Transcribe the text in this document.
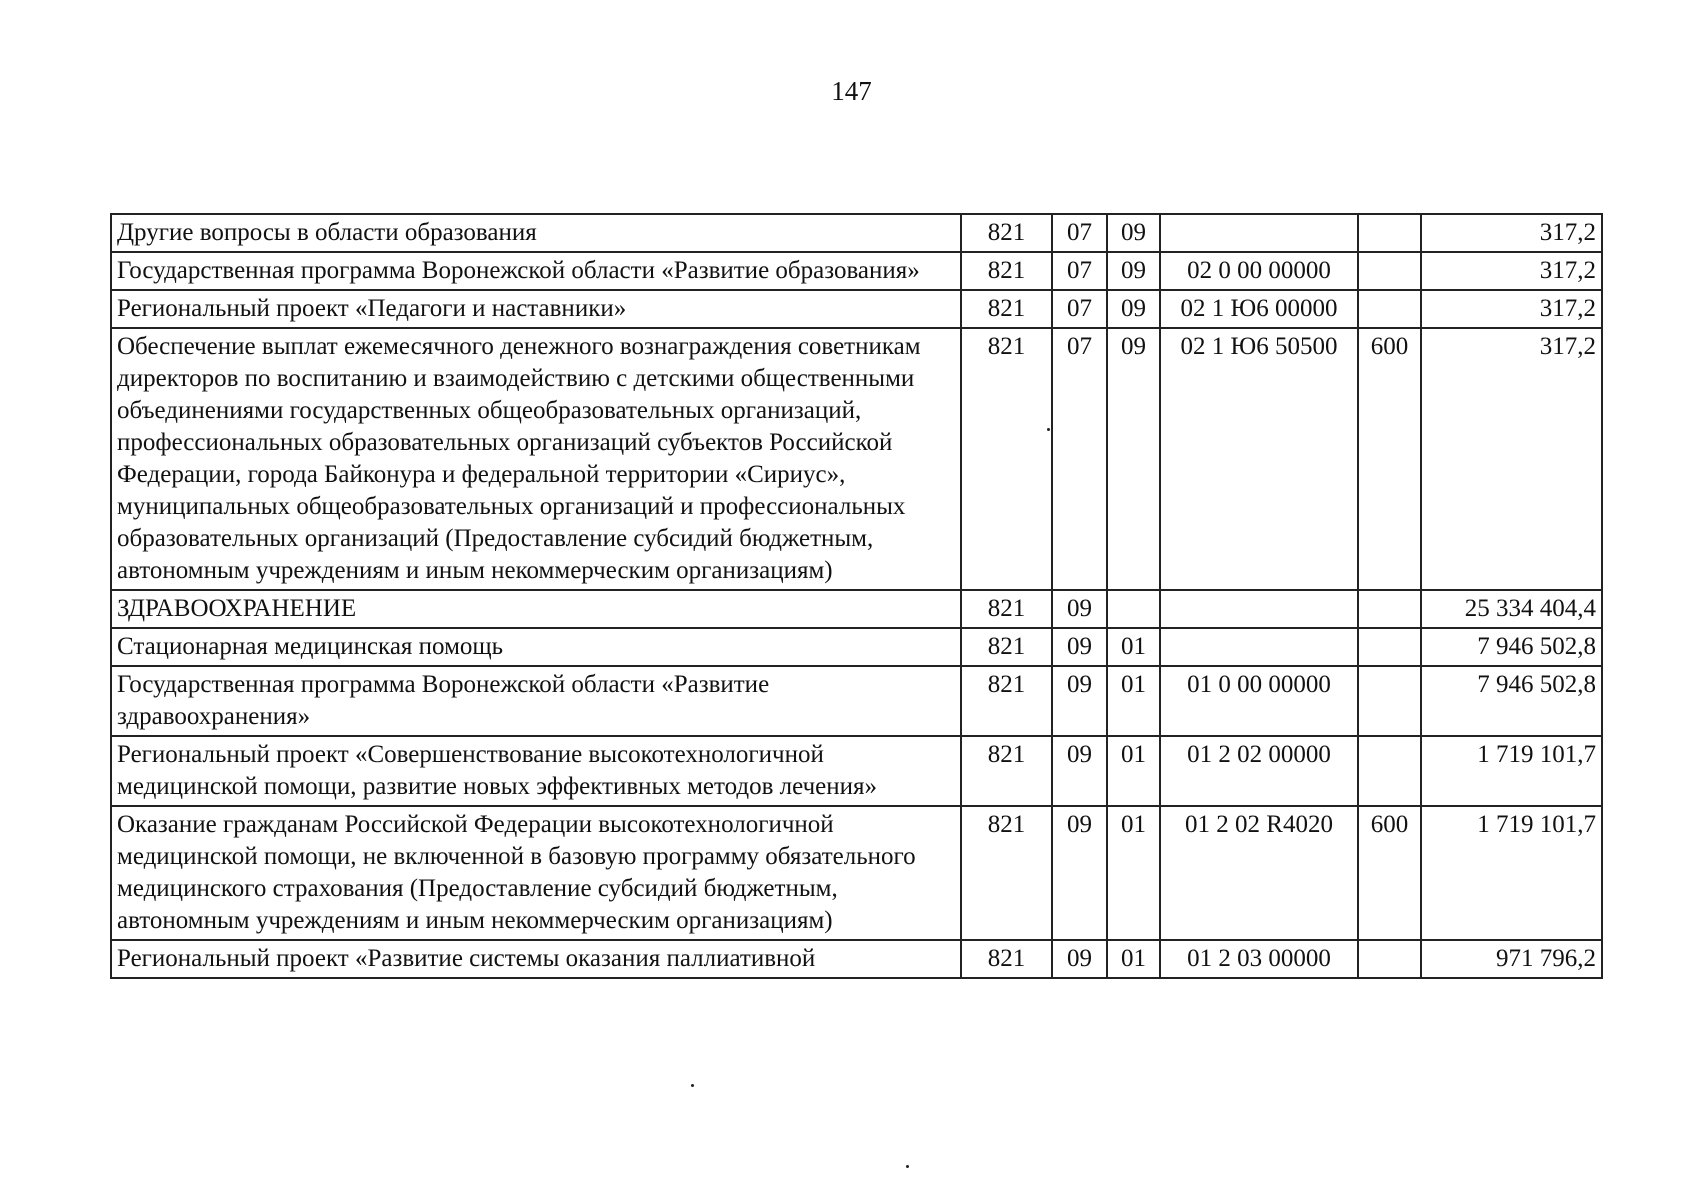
147
Другие вопросы в области образования	821	07	09			317,2
Государственная программа Воронежской области «Развитие образования»	821	07	09	02 0 00 00000		317,2
Региональный проект «Педагоги и наставники»	821	07	09	02 1 Ю6 00000		317,2
Обеспечение выплат ежемесячного денежного вознаграждения советникам директоров по воспитанию и взаимодействию с детскими общественными объединениями государственных общеобразовательных организаций, профессиональных образовательных организаций субъектов Российской Федерации, города Байконура и федеральной территории «Сириус», муниципальных общеобразовательных организаций и профессиональных образовательных организаций (Предоставление субсидий бюджетным, автономным учреждениям и иным некоммерческим организациям)	821	07	09	02 1 Ю6 50500	600	317,2
ЗДРАВООХРАНЕНИЕ	821	09				25 334 404,4
Стационарная медицинская помощь	821	09	01			7 946 502,8
Государственная программа Воронежской области «Развитие здравоохранения»	821	09	01	01 0 00 00000		7 946 502,8
Региональный проект «Совершенствование высокотехнологичной медицинской помощи, развитие новых эффективных методов лечения»	821	09	01	01 2 02 00000		1 719 101,7
Оказание гражданам Российской Федерации высокотехнологичной медицинской помощи, не включенной в базовую программу обязательного медицинского страхования (Предоставление субсидий бюджетным, автономным учреждениям и иным некоммерческим организациям)	821	09	01	01 2 02 R4020	600	1 719 101,7
Региональный проект «Развитие системы оказания паллиативной	821	09	01	01 2 03 00000		971 796,2
